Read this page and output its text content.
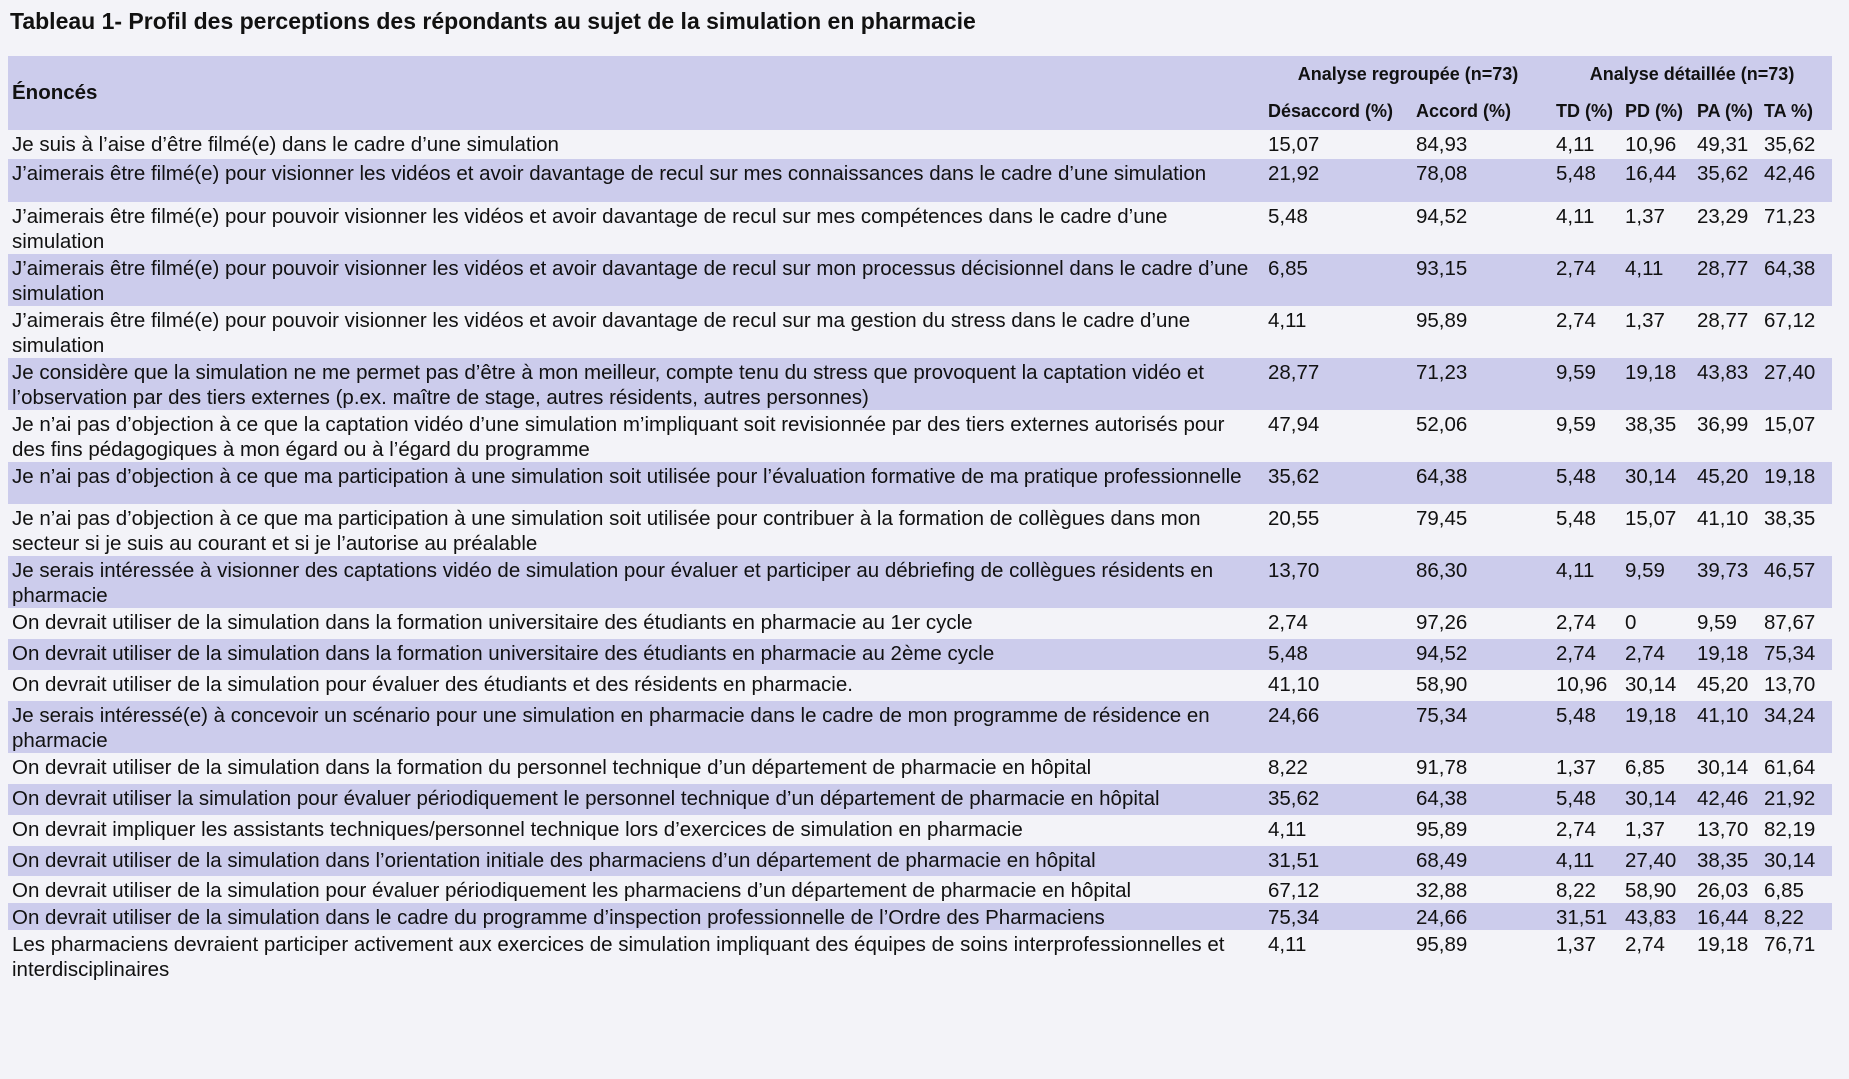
Tableau 1- Profil des perceptions des répondants au sujet de la simulation en pharmacie
Énoncés	Analyse regroupée (n=73)		Analyse détaillée (n=73)			
	Désaccord (%)	Accord (%)	TD (%)	PD (%)	PA (%)	TA %)
Je suis à l’aise d’être filmé(e) dans le cadre d’une simulation	15,07	84,93	4,11	10,96	49,31	35,62
J’aimerais être filmé(e) pour visionner les vidéos et avoir davantage de recul sur mes connaissances dans le cadre d’une simulation	21,92	78,08	5,48	16,44	35,62	42,46
J’aimerais être filmé(e) pour pouvoir visionner les vidéos et avoir davantage de recul sur mes compétences dans le cadre d’une simulation	5,48	94,52	4,11	1,37	23,29	71,23
J’aimerais être filmé(e) pour pouvoir visionner les vidéos et avoir davantage de recul sur mon processus décisionnel dans le cadre d’une simulation	6,85	93,15	2,74	4,11	28,77	64,38
J’aimerais être filmé(e) pour pouvoir visionner les vidéos et avoir davantage de recul sur ma gestion du stress dans le cadre d’une simulation	4,11	95,89	2,74	1,37	28,77	67,12
Je considère que la simulation ne me permet pas d’être à mon meilleur, compte tenu du stress que provoquent la captation vidéo et l’observation par des tiers externes (p.ex. maître de stage, autres résidents, autres personnes)	28,77	71,23	9,59	19,18	43,83	27,40
Je n’ai pas d’objection à ce que la captation vidéo d’une simulation m’impliquant soit revisionnée par des tiers externes autorisés pour des fins pédagogiques à mon égard ou à l’égard du programme	47,94	52,06	9,59	38,35	36,99	15,07
Je n’ai pas d’objection à ce que ma participation à une simulation soit utilisée pour l’évaluation formative de ma pratique professionnelle	35,62	64,38	5,48	30,14	45,20	19,18
Je n’ai pas d’objection à ce que ma participation à une simulation soit utilisée pour contribuer à la formation de collègues dans mon secteur si je suis au courant et si je l’autorise au préalable	20,55	79,45	5,48	15,07	41,10	38,35
Je serais intéressée à visionner des captations vidéo de simulation pour évaluer et participer au débriefing de collègues résidents en pharmacie	13,70	86,30	4,11	9,59	39,73	46,57
On devrait utiliser de la simulation dans la formation universitaire des étudiants en pharmacie au 1er cycle	2,74	97,26	2,74	0	9,59	87,67
On devrait utiliser de la simulation dans la formation universitaire des étudiants en pharmacie au 2ème cycle	5,48	94,52	2,74	2,74	19,18	75,34
On devrait utiliser de la simulation pour évaluer des étudiants et des résidents en pharmacie.	41,10	58,90	10,96	30,14	45,20	13,70
Je serais intéressé(e) à concevoir un scénario pour une simulation en pharmacie dans le cadre de mon programme de résidence en pharmacie	24,66	75,34	5,48	19,18	41,10	34,24
On devrait utiliser de la simulation dans la formation du personnel technique d’un département de pharmacie en hôpital	8,22	91,78	1,37	6,85	30,14	61,64
On devrait utiliser la simulation pour évaluer périodiquement le personnel technique d’un département de pharmacie en hôpital	35,62	64,38	5,48	30,14	42,46	21,92
On devrait impliquer les assistants techniques/personnel technique lors d’exercices de simulation en pharmacie	4,11	95,89	2,74	1,37	13,70	82,19
On devrait utiliser de la simulation dans l’orientation initiale des pharmaciens d’un département de pharmacie en hôpital	31,51	68,49	4,11	27,40	38,35	30,14
On devrait utiliser de la simulation pour évaluer périodiquement les pharmaciens d’un département de pharmacie en hôpital	67,12	32,88	8,22	58,90	26,03	6,85
On devrait utiliser de la simulation dans le cadre du programme d’inspection professionnelle de l’Ordre des Pharmaciens	75,34	24,66	31,51	43,83	16,44	8,22
Les pharmaciens devraient participer activement aux exercices de simulation impliquant des équipes de soins interprofessionnelles et interdisciplinaires	4,11	95,89	1,37	2,74	19,18	76,71
